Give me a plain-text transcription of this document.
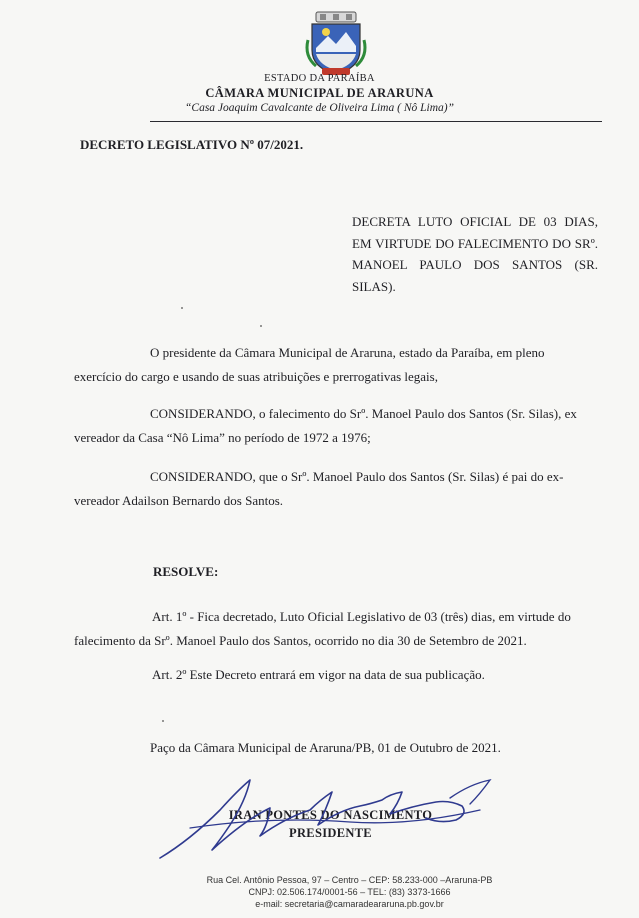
ESTADO DA PARAÍBA
CÂMARA MUNICIPAL DE ARARUNA
“Casa Joaquim Cavalcante de Oliveira Lima ( Nô Lima)”
DECRETO LEGISLATIVO Nº 07/2021.
DECRETA LUTO OFICIAL DE 03 DIAS, EM VIRTUDE DO FALECIMENTO DO SRº. MANOEL PAULO DOS SANTOS (SR. SILAS).
O presidente da Câmara Municipal de Araruna, estado da Paraíba, em pleno exercício do cargo e usando de suas atribuições e prerrogativas legais,
CONSIDERANDO, o falecimento do Srº. Manoel Paulo dos Santos (Sr. Silas), ex vereador da Casa “Nô Lima” no período de 1972 a 1976;
CONSIDERANDO, que o Srº. Manoel Paulo dos Santos (Sr. Silas) é pai do ex-vereador Adailson Bernardo dos Santos.
RESOLVE:
Art. 1º - Fica decretado, Luto Oficial Legislativo de 03 (três) dias, em virtude do falecimento da Srº. Manoel Paulo dos Santos, ocorrido no dia 30 de Setembro de 2021.
Art. 2º Este Decreto entrará em vigor na data de sua publicação.
Paço da Câmara Municipal de Araruna/PB, 01 de Outubro de 2021.
IRAN PONTES DO NASCIMENTO
PRESIDENTE
Rua Cel. Antônio Pessoa, 97 – Centro – CEP: 58.233-000 –Araruna-PB
CNPJ: 02.506.174/0001-56 – TEL: (83) 3373-1666
e-mail: secretaria@camaradeararuna.pb.gov.br
